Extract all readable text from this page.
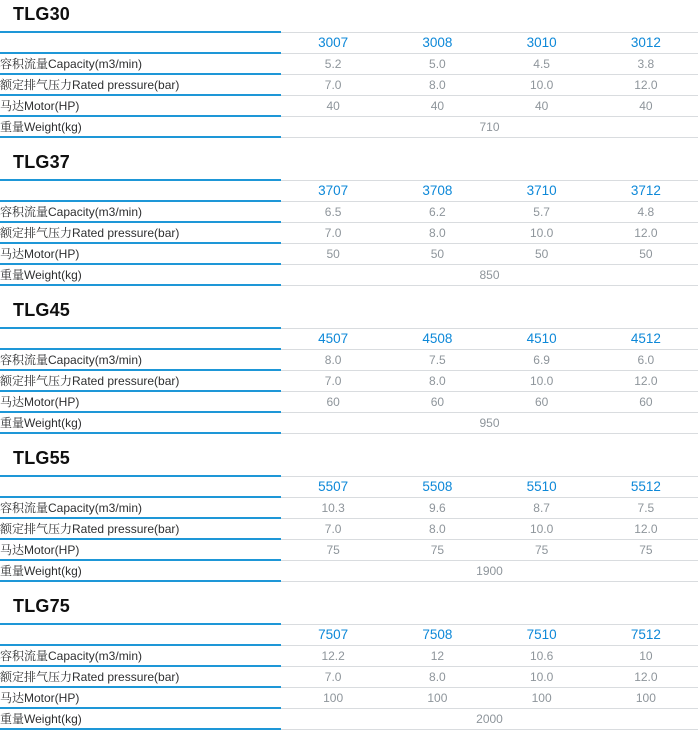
TLG30
	3007	3008	3010	3012
容积流量Capacity(m3/min)	5.2	5.0	4.5	3.8
额定排气压力Rated pressure(bar)	7.0	8.0	10.0	12.0
马达Motor(HP)	40	40	40	40
重量Weight(kg)	710			
TLG37
	3707	3708	3710	3712
容积流量Capacity(m3/min)	6.5	6.2	5.7	4.8
额定排气压力Rated pressure(bar)	7.0	8.0	10.0	12.0
马达Motor(HP)	50	50	50	50
重量Weight(kg)	850			
TLG45
	4507	4508	4510	4512
容积流量Capacity(m3/min)	8.0	7.5	6.9	6.0
额定排气压力Rated pressure(bar)	7.0	8.0	10.0	12.0
马达Motor(HP)	60	60	60	60
重量Weight(kg)	950			
TLG55
	5507	5508	5510	5512
容积流量Capacity(m3/min)	10.3	9.6	8.7	7.5
额定排气压力Rated pressure(bar)	7.0	8.0	10.0	12.0
马达Motor(HP)	75	75	75	75
重量Weight(kg)	1900			
TLG75
	7507	7508	7510	7512
容积流量Capacity(m3/min)	12.2	12	10.6	10
额定排气压力Rated pressure(bar)	7.0	8.0	10.0	12.0
马达Motor(HP)	100	100	100	100
重量Weight(kg)	2000			
